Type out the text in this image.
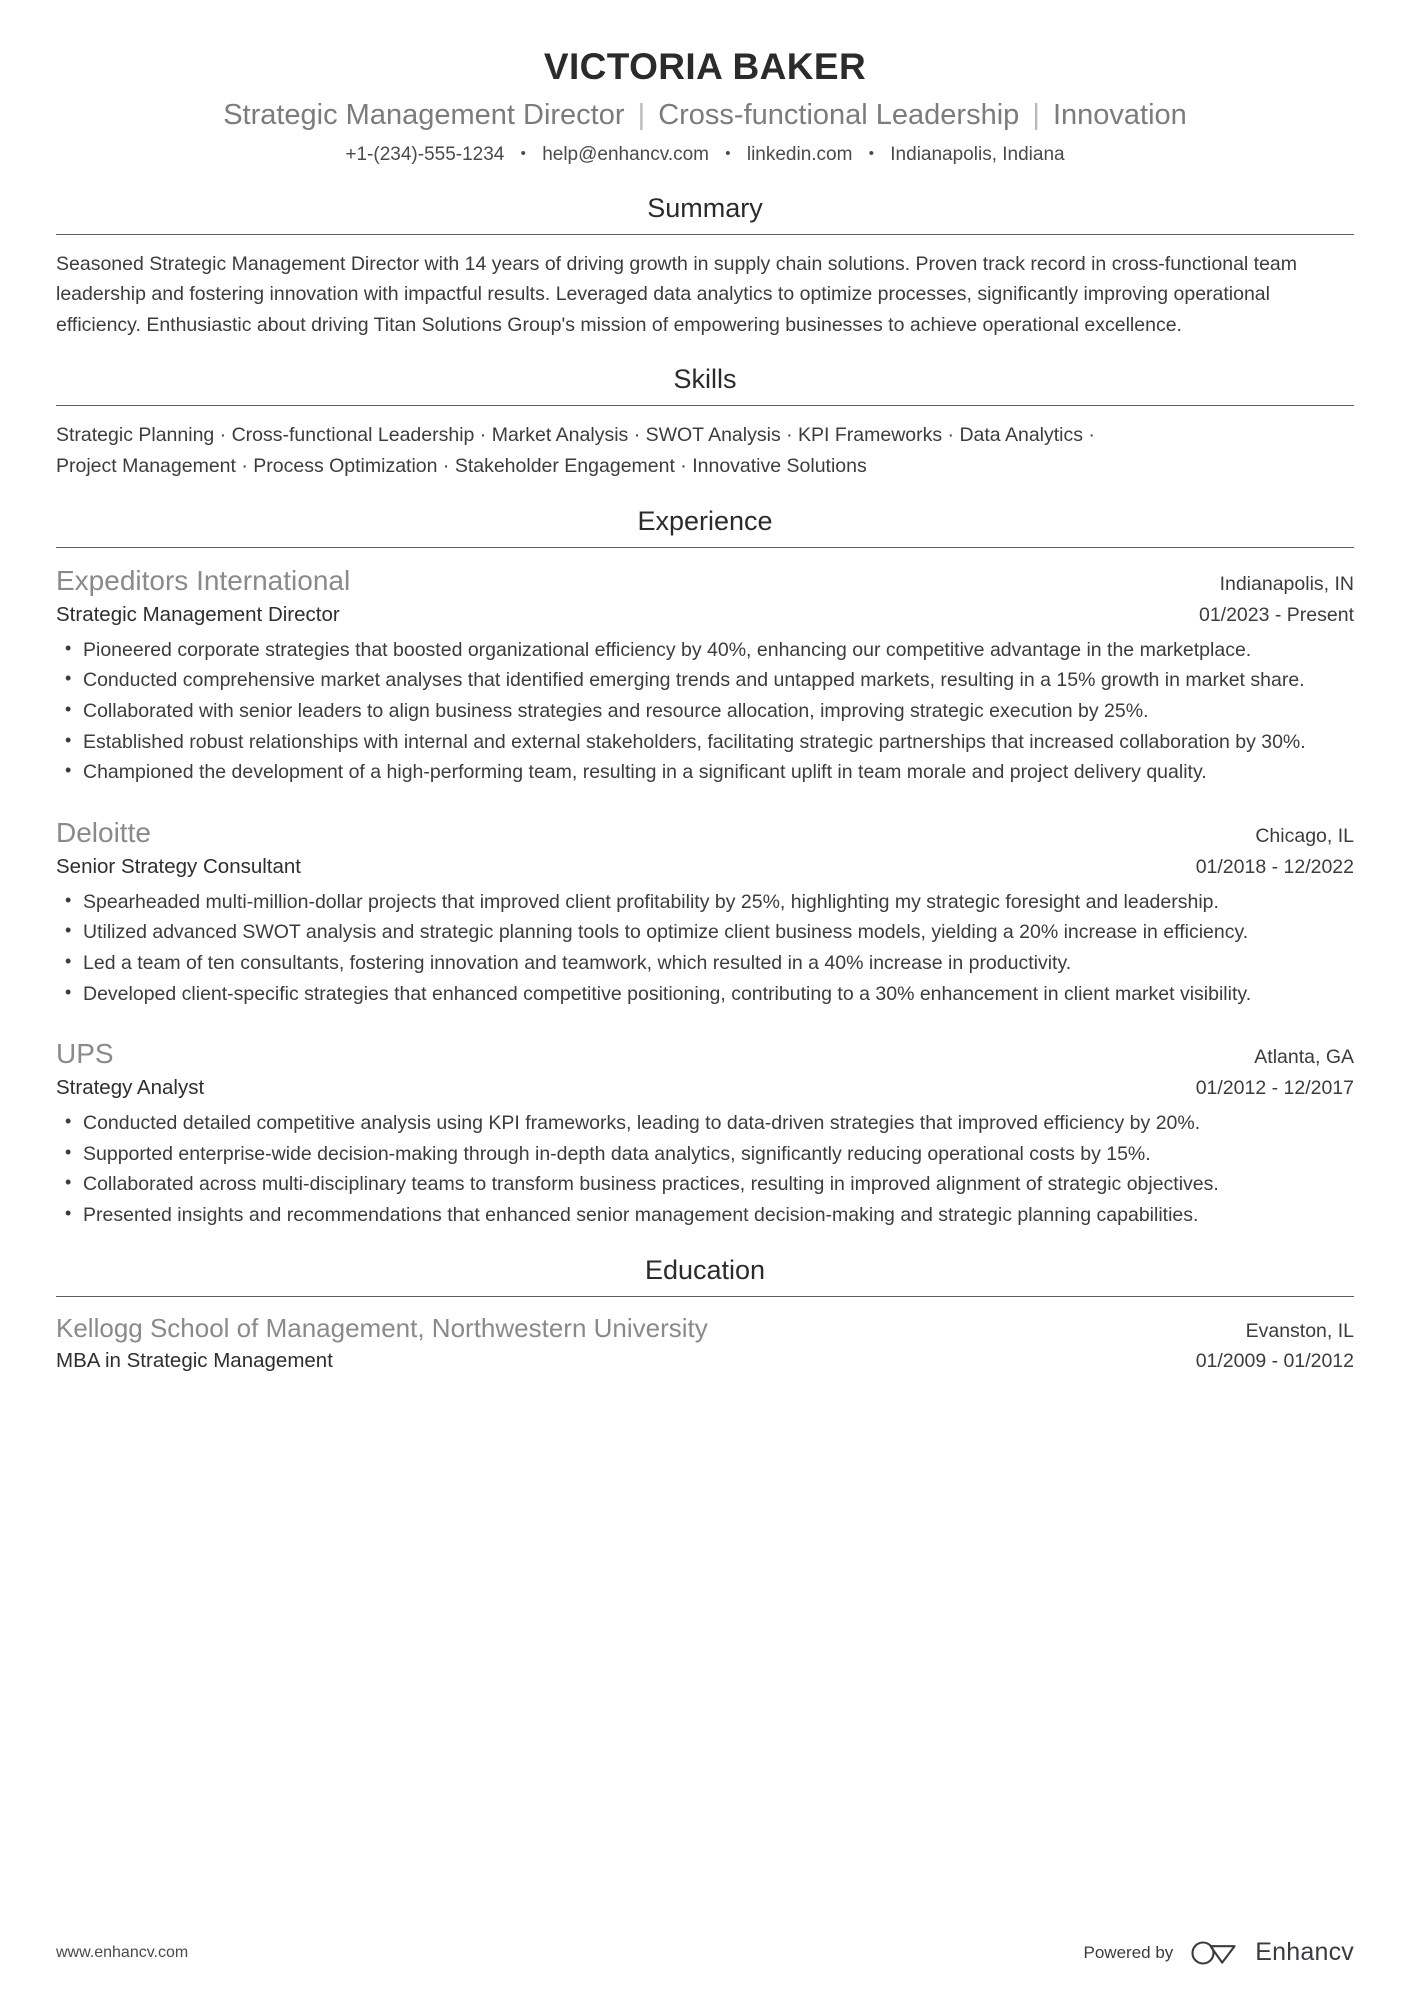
VICTORIA BAKER
Strategic Management Director | Cross-functional Leadership | Innovation
+1-(234)-555-1234 • help@enhancv.com • linkedin.com • Indianapolis, Indiana
Summary
Seasoned Strategic Management Director with 14 years of driving growth in supply chain solutions. Proven track record in cross-functional team leadership and fostering innovation with impactful results. Leveraged data analytics to optimize processes, significantly improving operational efficiency. Enthusiastic about driving Titan Solutions Group's mission of empowering businesses to achieve operational excellence.
Skills
Strategic Planning · Cross-functional Leadership · Market Analysis · SWOT Analysis · KPI Frameworks · Data Analytics ·
Project Management · Process Optimization · Stakeholder Engagement · Innovative Solutions
Experience
Expeditors International	Indianapolis, IN
Strategic Management Director	01/2023 - Present
• Pioneered corporate strategies that boosted organizational efficiency by 40%, enhancing our competitive advantage in the marketplace.
• Conducted comprehensive market analyses that identified emerging trends and untapped markets, resulting in a 15% growth in market share.
• Collaborated with senior leaders to align business strategies and resource allocation, improving strategic execution by 25%.
• Established robust relationships with internal and external stakeholders, facilitating strategic partnerships that increased collaboration by 30%.
• Championed the development of a high-performing team, resulting in a significant uplift in team morale and project delivery quality.
Deloitte	Chicago, IL
Senior Strategy Consultant	01/2018 - 12/2022
• Spearheaded multi-million-dollar projects that improved client profitability by 25%, highlighting my strategic foresight and leadership.
• Utilized advanced SWOT analysis and strategic planning tools to optimize client business models, yielding a 20% increase in efficiency.
• Led a team of ten consultants, fostering innovation and teamwork, which resulted in a 40% increase in productivity.
• Developed client-specific strategies that enhanced competitive positioning, contributing to a 30% enhancement in client market visibility.
UPS	Atlanta, GA
Strategy Analyst	01/2012 - 12/2017
• Conducted detailed competitive analysis using KPI frameworks, leading to data-driven strategies that improved efficiency by 20%.
• Supported enterprise-wide decision-making through in-depth data analytics, significantly reducing operational costs by 15%.
• Collaborated across multi-disciplinary teams to transform business practices, resulting in improved alignment of strategic objectives.
• Presented insights and recommendations that enhanced senior management decision-making and strategic planning capabilities.
Education
Kellogg School of Management, Northwestern University	Evanston, IL
MBA in Strategic Management	01/2009 - 01/2012
www.enhancv.com	Powered by	Enhancv
